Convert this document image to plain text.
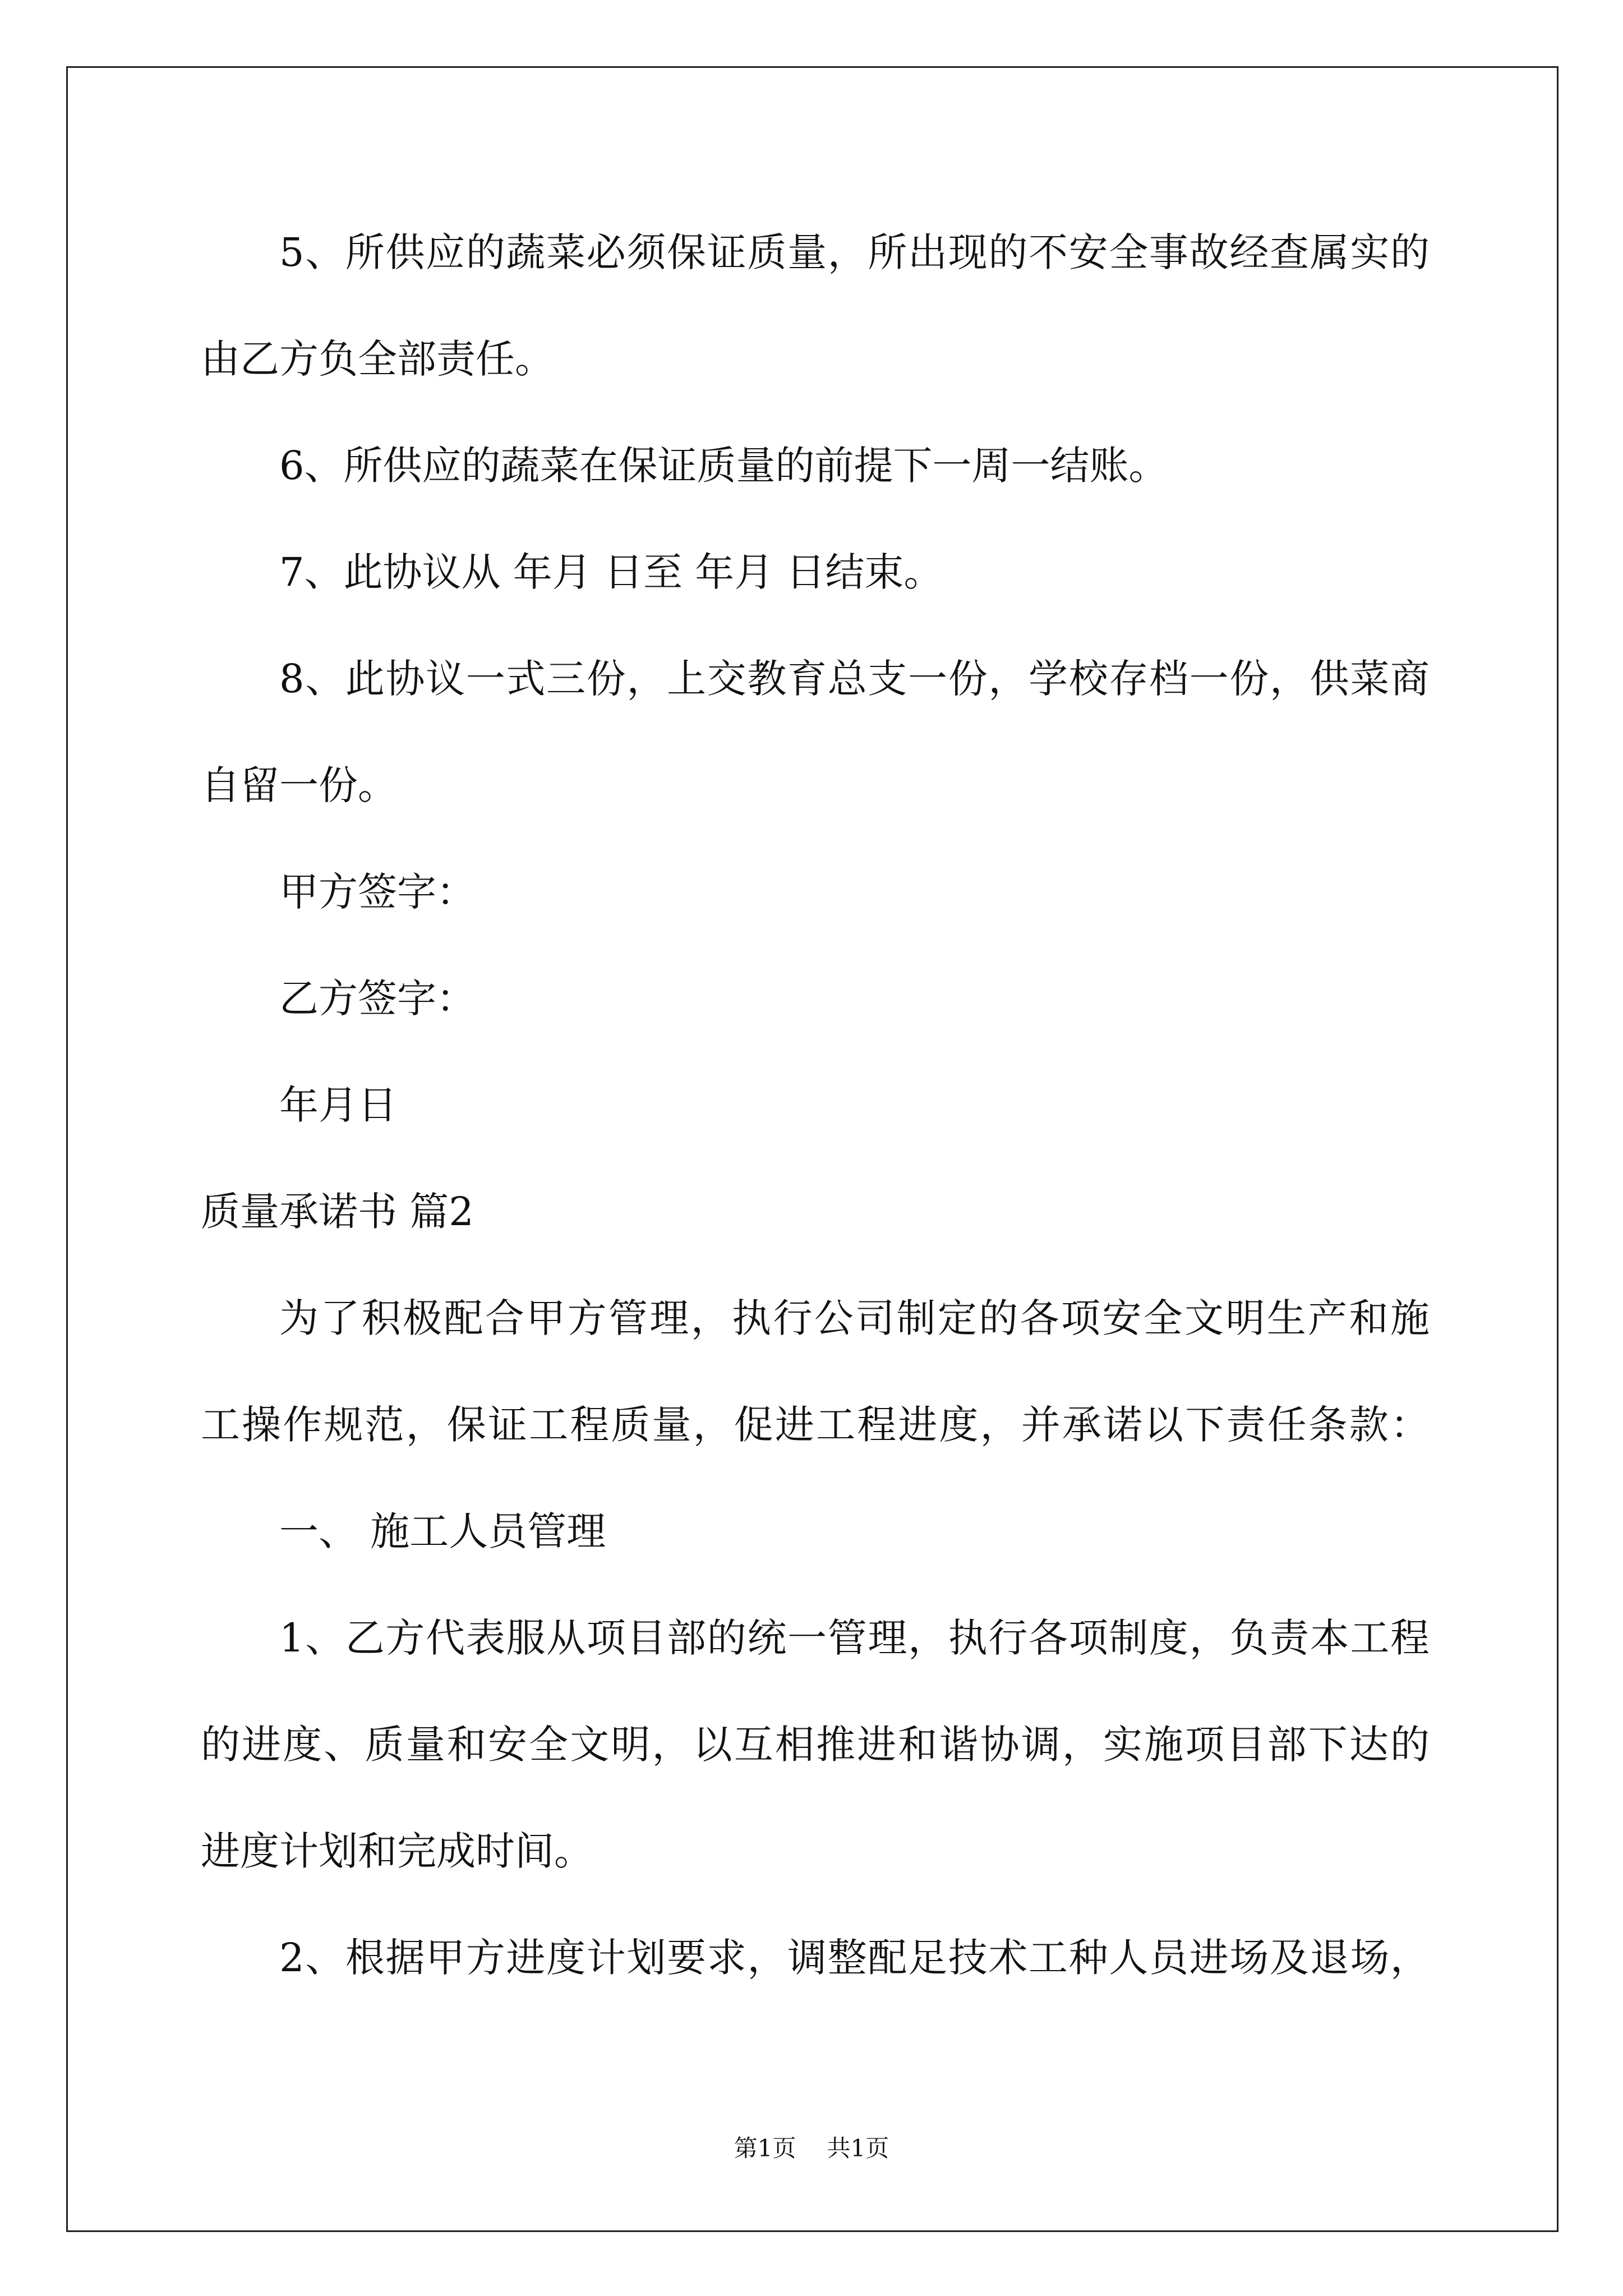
5、所供应的蔬菜必须保证质量，所出现的不安全事故经查属实的
由乙方负全部责任。
6、所供应的蔬菜在保证质量的前提下一周一结账。
7、此协议从 年月 日至 年月 日结束。
8、此协议一式三份，上交教育总支一份，学校存档一份，供菜商
自留一份。
甲方签字：
乙方签字：
年月日
质量承诺书 篇2
为了积极配合甲方管理，执行公司制定的各项安全文明生产和施
工操作规范，保证工程质量，促进工程进度，并承诺以下责任条款：
一、 施工人员管理
1、乙方代表服从项目部的统一管理，执行各项制度，负责本工程
的进度、质量和安全文明，以互相推进和谐协调，实施项目部下达的
进度计划和完成时间。
2、根据甲方进度计划要求，调整配足技术工种人员进场及退场，
第1页 共1页
